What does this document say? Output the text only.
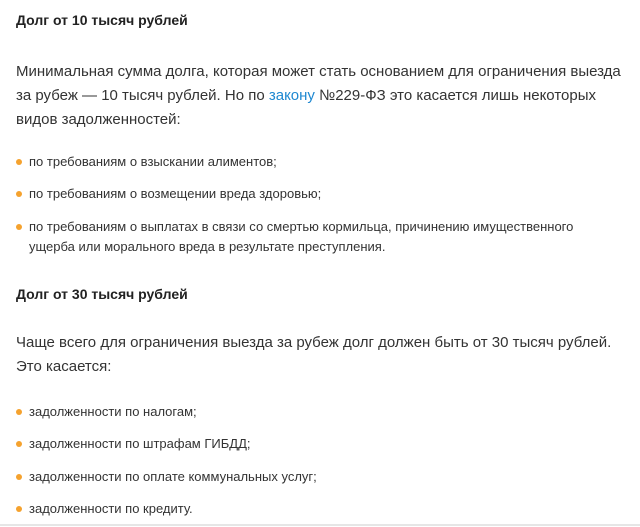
Долг от 10 тысяч рублей
Минимальная сумма долга, которая может стать основанием для ограничения выезда за рубеж — 10 тысяч рублей. Но по закону №229-ФЗ это касается лишь некоторых видов задолженностей:
по требованиям о взыскании алиментов;
по требованиям о возмещении вреда здоровью;
по требованиям о выплатах в связи со смертью кормильца, причинению имущественного ущерба или морального вреда в результате преступления.
Долг от 30 тысяч рублей
Чаще всего для ограничения выезда за рубеж долг должен быть от 30 тысяч рублей. Это касается:
задолженности по налогам;
задолженности по штрафам ГИБДД;
задолженности по оплате коммунальных услуг;
задолженности по кредиту.
